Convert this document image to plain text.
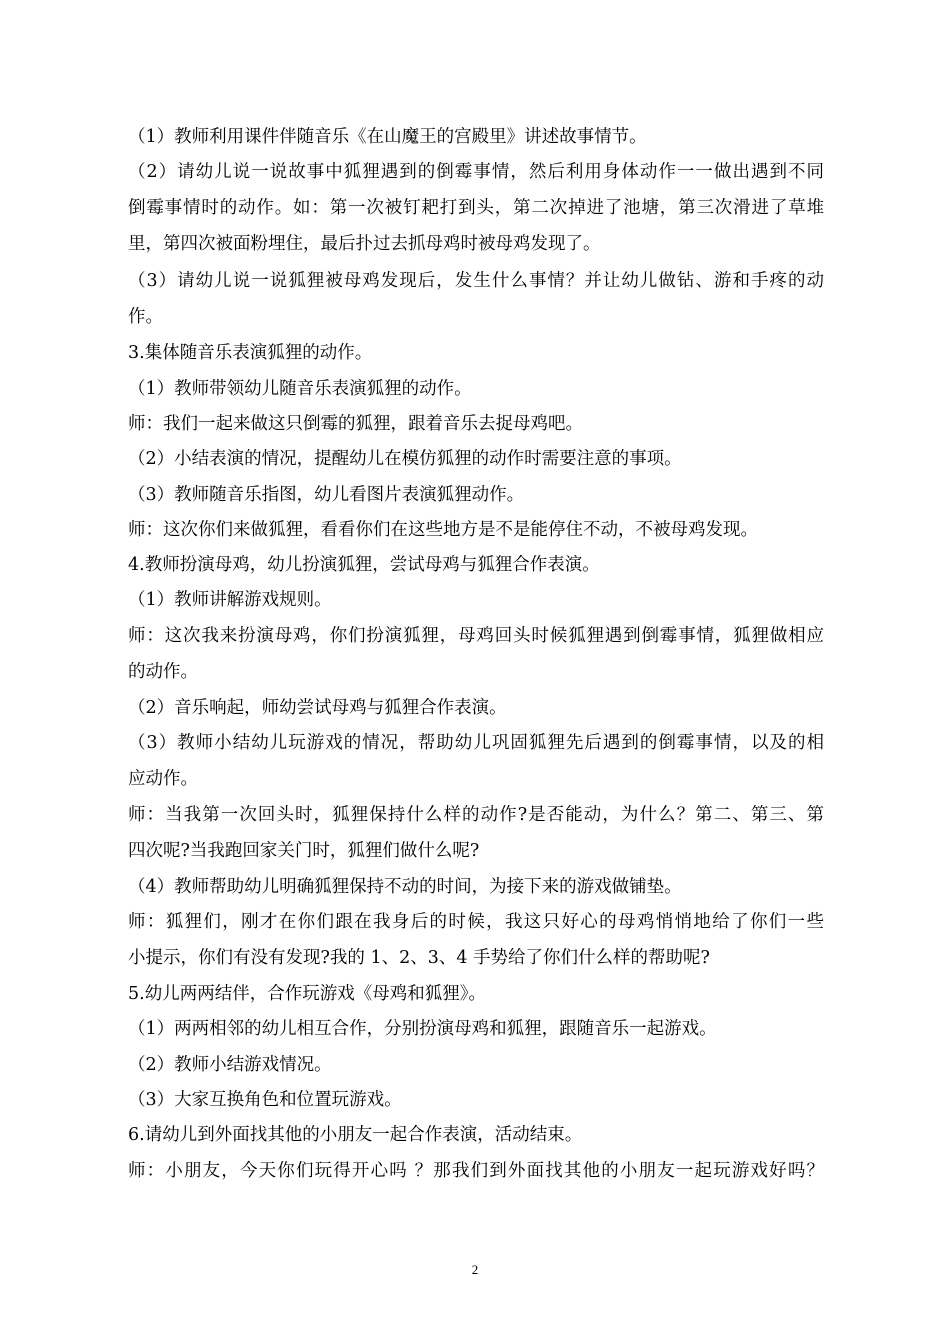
（1）教师利用课件伴随音乐《在山魔王的宫殿里》讲述故事情节。
（2）请幼儿说一说故事中狐狸遇到的倒霉事情，然后利用身体动作一一做出遇到不同
倒霉事情时的动作。如：第一次被钉耙打到头，第二次掉进了池塘，第三次滑进了草堆
里，第四次被面粉埋住，最后扑过去抓母鸡时被母鸡发现了。
（3）请幼儿说一说狐狸被母鸡发现后，发生什么事情？并让幼儿做钻、游和手疼的动
作。
3.集体随音乐表演狐狸的动作。
（1）教师带领幼儿随音乐表演狐狸的动作。
师：我们一起来做这只倒霉的狐狸，跟着音乐去捉母鸡吧。
（2）小结表演的情况，提醒幼儿在模仿狐狸的动作时需要注意的事项。
（3）教师随音乐指图，幼儿看图片表演狐狸动作。
师：这次你们来做狐狸，看看你们在这些地方是不是能停住不动，不被母鸡发现。
4.教师扮演母鸡，幼儿扮演狐狸，尝试母鸡与狐狸合作表演。
（1）教师讲解游戏规则。
师：这次我来扮演母鸡，你们扮演狐狸，母鸡回头时候狐狸遇到倒霉事情，狐狸做相应
的动作。
（2）音乐响起，师幼尝试母鸡与狐狸合作表演。
（3）教师小结幼儿玩游戏的情况，帮助幼儿巩固狐狸先后遇到的倒霉事情，以及的相
应动作。
师：当我第一次回头时，狐狸保持什么样的动作?是否能动，为什么？第二、第三、第
四次呢?当我跑回家关门时，狐狸们做什么呢?
（4）教师帮助幼儿明确狐狸保持不动的时间，为接下来的游戏做铺垫。
师：狐狸们，刚才在你们跟在我身后的时候，我这只好心的母鸡悄悄地给了你们一些
小提示，你们有没有发现?我的 1、2、3、4 手势给了你们什么样的帮助呢?
5.幼儿两两结伴，合作玩游戏《母鸡和狐狸》。
（1）两两相邻的幼儿相互合作，分别扮演母鸡和狐狸，跟随音乐一起游戏。
（2）教师小结游戏情况。
（3）大家互换角色和位置玩游戏。
6.请幼儿到外面找其他的小朋友一起合作表演，活动结束。
师：小朋友，今天你们玩得开心吗 ？那我们到外面找其他的小朋友一起玩游戏好吗？
2
